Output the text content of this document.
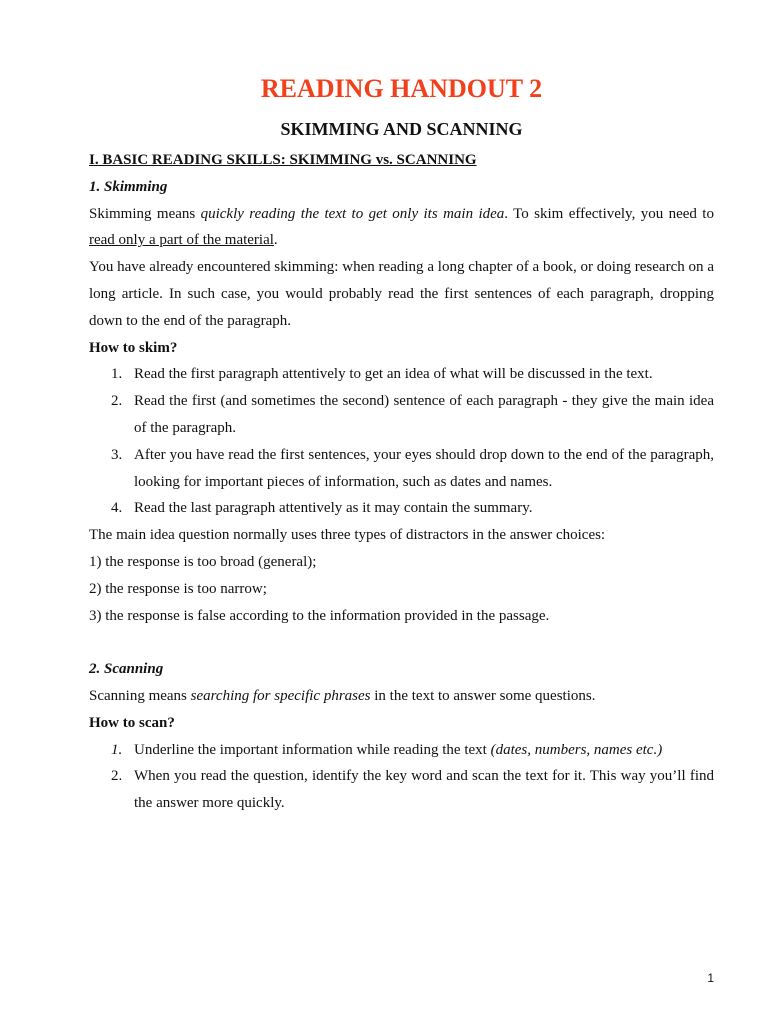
READING HANDOUT 2
SKIMMING AND SCANNING

I. BASIC READING SKILLS: SKIMMING vs. SCANNING

1. Skimming

Skimming means quickly reading the text to get only its main idea. To skim effectively, you need to read only a part of the material.

You have already encountered skimming: when reading a long chapter of a book, or doing research on a long article. In such case, you would probably read the first sentences of each paragraph, dropping down to the end of the paragraph.

How to skim?

1. Read the first paragraph attentively to get an idea of what will be discussed in the text.
2. Read the first (and sometimes the second) sentence of each paragraph - they give the main idea of the paragraph.
3. After you have read the first sentences, your eyes should drop down to the end of the paragraph, looking for important pieces of information, such as dates and names.
4. Read the last paragraph attentively as it may contain the summary.

The main idea question normally uses three types of distractors in the answer choices:

1) the response is too broad (general);

2) the response is too narrow;

3) the response is false according to the information provided in the passage.

2. Scanning

Scanning means searching for specific phrases in the text to answer some questions.

How to scan?

1. Underline the important information while reading the text (dates, numbers, names etc.)
2. When you read the question, identify the key word and scan the text for it. This way you’ll find the answer more quickly.
1
